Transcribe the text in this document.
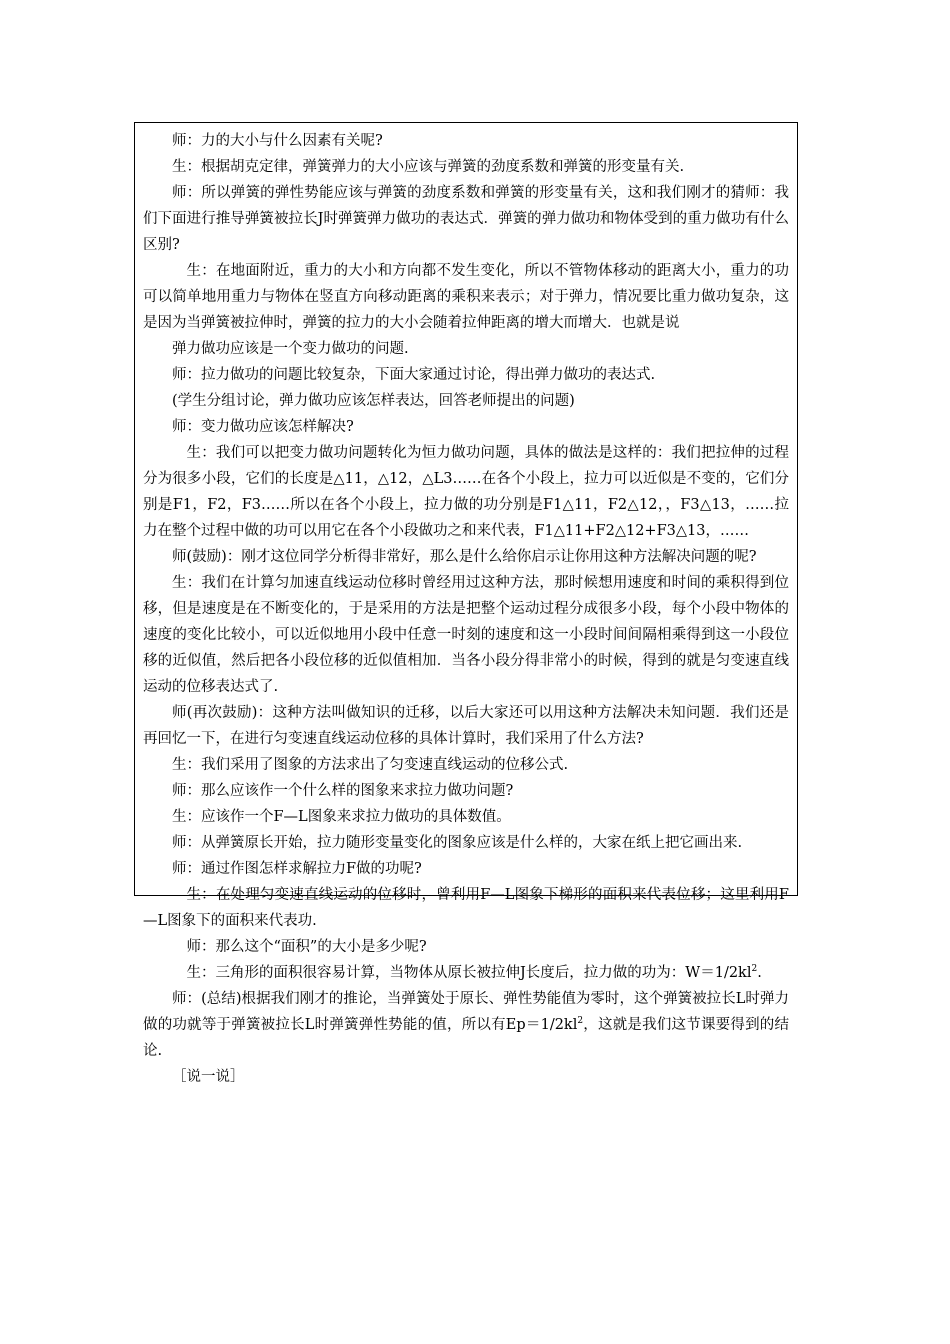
师：力的大小与什么因素有关呢?

生：根据胡克定律，弹簧弹力的大小应该与弹簧的劲度系数和弹簧的形变量有关.

师：所以弹簧的弹性势能应该与弹簧的劲度系数和弹簧的形变量有关，这和我们刚才的猜师：我们下面进行推导弹簧被拉长J时弹簧弹力做功的表达式．弹簧的弹力做功和物体受到的重力做功有什么区别?

生：在地面附近，重力的大小和方向都不发生变化，所以不管物体移动的距离大小，重力的功可以简单地用重力与物体在竖直方向移动距离的乘积来表示；对于弹力，情况要比重力做功复杂，这是因为当弹簧被拉伸时，弹簧的拉力的大小会随着拉伸距离的增大而增大．也就是说

弹力做功应该是一个变力做功的问题.

师：拉力做功的问题比较复杂，下面大家通过讨论，得出弹力做功的表达式.

(学生分组讨论，弹力做功应该怎样表达，回答老师提出的问题)

师：变力做功应该怎样解决?

生：我们可以把变力做功问题转化为恒力做功问题，具体的做法是这样的：我们把拉伸的过程分为很多小段，它们的长度是△11，△12，△L3……在各个小段上，拉力可以近似是不变的，它们分别是F1，F2，F3……所以在各个小段上，拉力做的功分别是F1△11，F2△12，，F3△13，……拉力在整个过程中做的功可以用它在各个小段做功之和来代表，F1△11+F2△12+F3△13，……

师(鼓励)：刚才这位同学分析得非常好，那么是什么给你启示让你用这种方法解决问题的呢?

生：我们在计算匀加速直线运动位移时曾经用过这种方法，那时候想用速度和时间的乘积得到位移，但是速度是在不断变化的，于是采用的方法是把整个运动过程分成很多小段，每个小段中物体的速度的变化比较小，可以近似地用小段中任意一时刻的速度和这一小段时间间隔相乘得到这一小段位移的近似值，然后把各小段位移的近似值相加．当各小段分得非常小的时候，得到的就是匀变速直线运动的位移表达式了.

师(再次鼓励)：这种方法叫做知识的迁移，以后大家还可以用这种方法解决未知问题．我们还是再回忆一下，在进行匀变速直线运动位移的具体计算时，我们采用了什么方法?

生：我们采用了图象的方法求出了匀变速直线运动的位移公式.

师：那么应该作一个什么样的图象来求拉力做功问题?

生：应该作一个F—L图象来求拉力做功的具体数值。

师：从弹簧原长开始，拉力随形变量变化的图象应该是什么样的，大家在纸上把它画出来.

师：通过作图怎样求解拉力F做的功呢?

生：在处理匀变速直线运动的位移时，曾利用F—L图象下梯形的面积来代表位移；这里利用F—L图象下的面积来代表功.

师：那么这个“面积”的大小是多少呢?

生：三角形的面积很容易计算，当物体从原长被拉伸J长度后，拉力做的功为：$W=1/2kl^2$.

师：(总结)根据我们刚才的推论，当弹簧处于原长、弹性势能值为零时，这个弹簧被拉长L时弹力做的功就等于弹簧被拉长L时弹簧弹性势能的值，所以有$Ep=1/2kl^2$，这就是我们这节课要得到的结论.

［说一说］
